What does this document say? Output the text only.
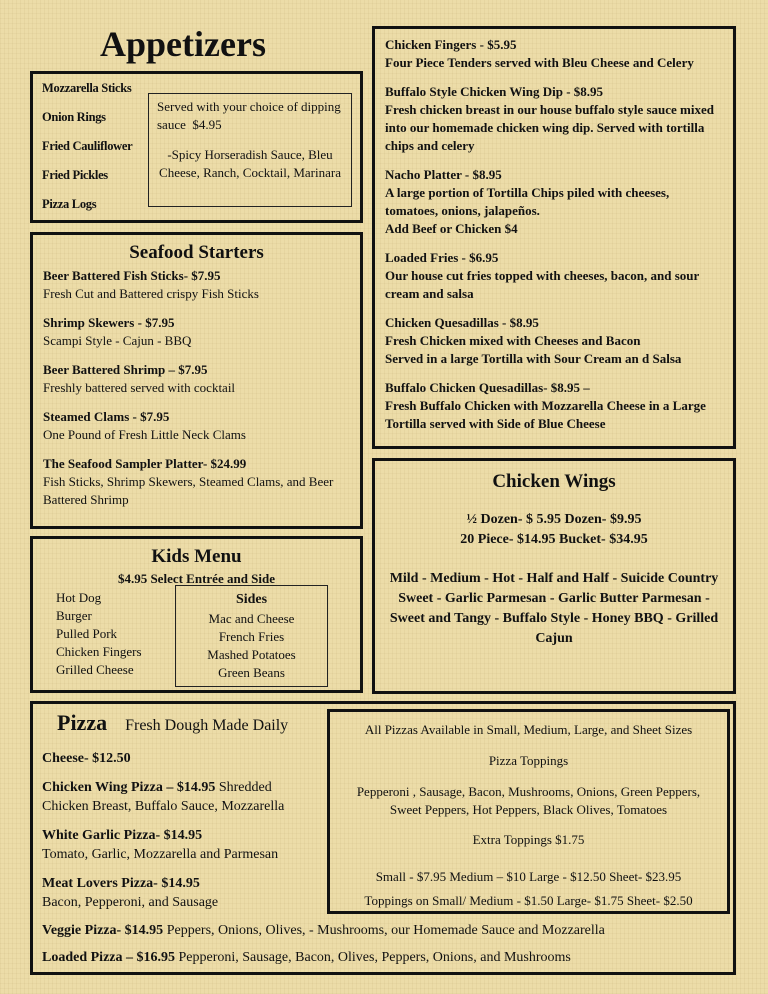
Appetizers
Mozzarella Sticks
Onion Rings
Fried Cauliflower
Fried Pickles
Pizza Logs
Served with your choice of dipping sauce $4.95
-Spicy Horseradish Sauce, Bleu Cheese, Ranch, Cocktail, Marinara
Seafood Starters

Beer Battered Fish Sticks- $7.95

Fresh Cut and Battered crispy Fish Sticks

Shrimp Skewers - $7.95

Scampi Style - Cajun - BBQ

Beer Battered Shrimp – $7.95

Freshly battered served with cocktail

Steamed Clams - $7.95

One Pound of Fresh Little Neck Clams

The Seafood Sampler Platter- $24.99

Fish Sticks, Shrimp Skewers, Steamed Clams, and Beer Battered Shrimp

Kids Menu
$4.95 Select Entrée and Side
Hot Dog
Burger
Pulled Pork
Chicken Fingers
Grilled Cheese
Sides
Mac and Cheese
French Fries
Mashed Potatoes
Green Beans

Chicken Fingers - $5.95

Four Piece Tenders served with Bleu Cheese and Celery

Buffalo Style Chicken Wing Dip - $8.95

Fresh chicken breast in our house buffalo style sauce mixed into our homemade chicken wing dip. Served with tortilla chips and celery

Nacho Platter - $8.95

A large portion of Tortilla Chips piled with cheeses, tomatoes, onions, jalapeños.

Add Beef or Chicken $4

Loaded Fries - $6.95

Our house cut fries topped with cheeses, bacon, and sour cream and salsa

Chicken Quesadillas - $8.95

Fresh Chicken mixed with Cheeses and Bacon

Served in a large Tortilla with Sour Cream an d Salsa

Buffalo Chicken Quesadillas- $8.95 –

Fresh Buffalo Chicken with Mozzarella Cheese in a Large Tortilla served with Side of Blue Cheese

Chicken Wings
½ Dozen- $ 5.95 Dozen- $9.95
20 Piece- $14.95 Bucket- $34.95
Mild - Medium - Hot - Half and Half - Suicide Country Sweet - Garlic Parmesan - Garlic Butter Parmesan - Sweet and Tangy - Buffalo Style - Honey BBQ - Grilled Cajun
Pizza Fresh Dough Made Daily
Cheese- $12.50
Chicken Wing Pizza – $14.95 Shredded Chicken Breast, Buffalo Sauce, Mozzarella
White Garlic Pizza- $14.95
Tomato, Garlic, Mozzarella and Parmesan
Meat Lovers Pizza- $14.95
Bacon, Pepperoni, and Sausage
Veggie Pizza- $14.95 Peppers, Onions, Olives, - Mushrooms, our Homemade Sauce and Mozzarella
Loaded Pizza – $16.95 Pepperoni, Sausage, Bacon, Olives, Peppers, Onions, and Mushrooms
All Pizzas Available in Small, Medium, Large, and Sheet Sizes
Pizza Toppings
Pepperoni , Sausage, Bacon, Mushrooms, Onions, Green Peppers, Sweet Peppers, Hot Peppers, Black Olives, Tomatoes
Extra Toppings $1.75
Small - $7.95 Medium – $10 Large - $12.50 Sheet- $23.95
Toppings on Small/ Medium - $1.50 Large- $1.75 Sheet- $2.50
